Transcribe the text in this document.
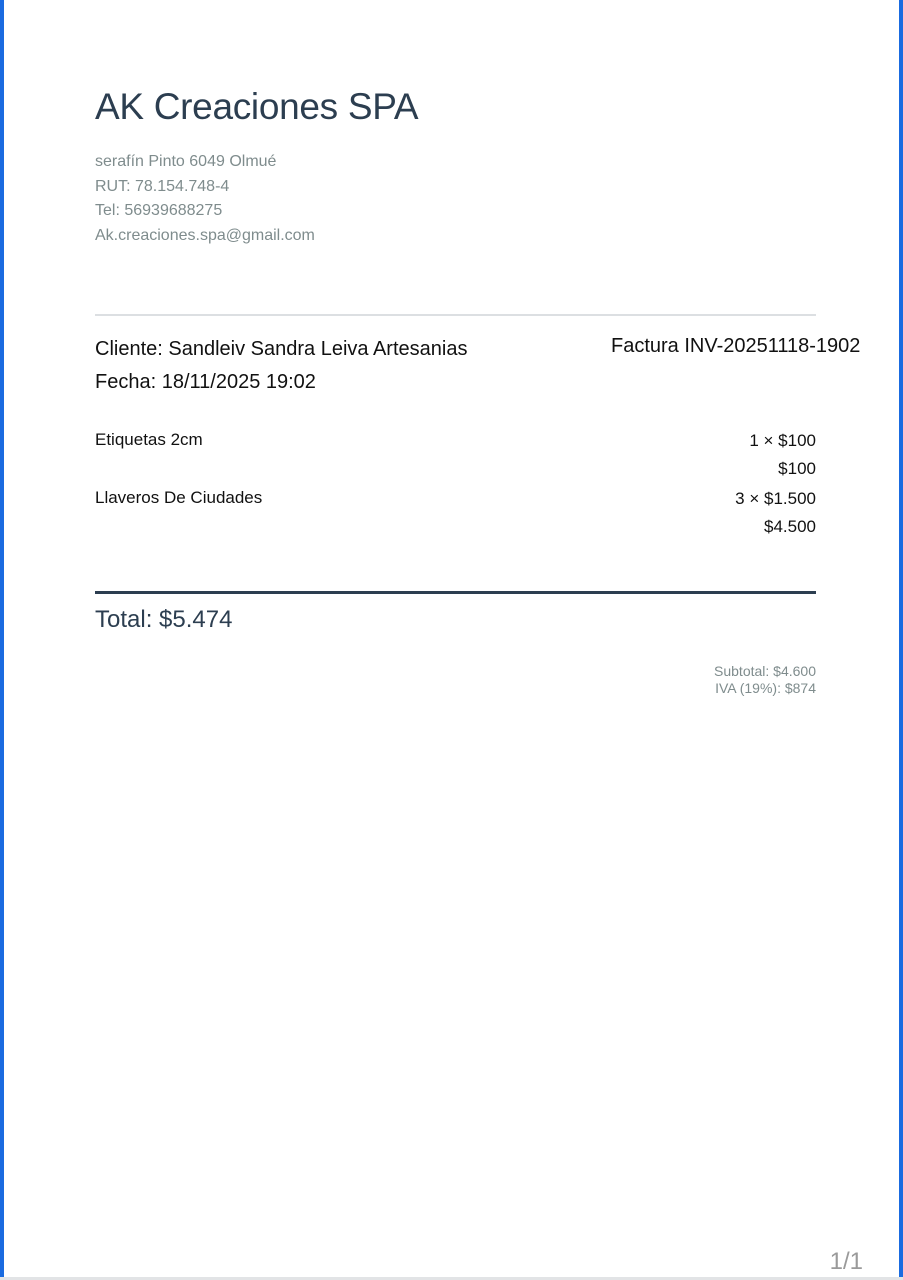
AK Creaciones SPA
serafín Pinto 6049 Olmué
RUT: 78.154.748-4
Tel: 56939688275
Ak.creaciones.spa@gmail.com
Cliente: Sandleiv Sandra Leiva Artesanias
Fecha: 18/11/2025 19:02
Factura INV-20251118-1902
Etiquetas 2cm	1 × $100
$100
Llaveros De Ciudades	3 × $1.500
$4.500
Total: $5.474
Subtotal: $4.600
IVA (19%): $874
1/1
